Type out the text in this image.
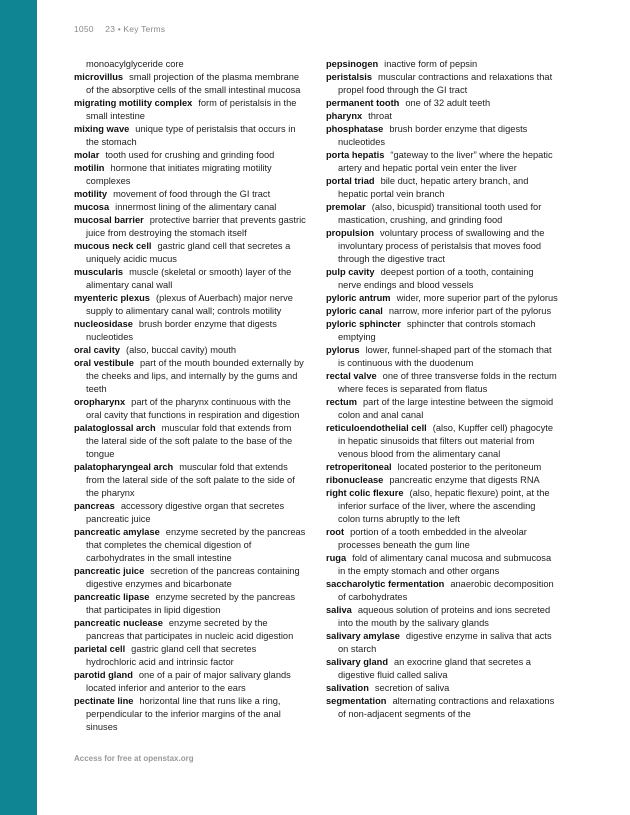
1050 23 • Key Terms

monoacylglyceride core

microvillus small projection of the plasma membrane of the absorptive cells of the small intestinal mucosa

migrating motility complex form of peristalsis in the small intestine

mixing wave unique type of peristalsis that occurs in the stomach

molar tooth used for crushing and grinding food

motilin hormone that initiates migrating motility complexes

motility movement of food through the GI tract

mucosa innermost lining of the alimentary canal

mucosal barrier protective barrier that prevents gastric juice from destroying the stomach itself

mucous neck cell gastric gland cell that secretes a uniquely acidic mucus

muscularis muscle (skeletal or smooth) layer of the alimentary canal wall

myenteric plexus (plexus of Auerbach) major nerve supply to alimentary canal wall; controls motility

nucleosidase brush border enzyme that digests nucleotides

oral cavity (also, buccal cavity) mouth

oral vestibule part of the mouth bounded externally by the cheeks and lips, and internally by the gums and teeth

oropharynx part of the pharynx continuous with the oral cavity that functions in respiration and digestion

palatoglossal arch muscular fold that extends from the lateral side of the soft palate to the base of the tongue

palatopharyngeal arch muscular fold that extends from the lateral side of the soft palate to the side of the pharynx

pancreas accessory digestive organ that secretes pancreatic juice

pancreatic amylase enzyme secreted by the pancreas that completes the chemical digestion of carbohydrates in the small intestine

pancreatic juice secretion of the pancreas containing digestive enzymes and bicarbonate

pancreatic lipase enzyme secreted by the pancreas that participates in lipid digestion

pancreatic nuclease enzyme secreted by the pancreas that participates in nucleic acid digestion

parietal cell gastric gland cell that secretes hydrochloric acid and intrinsic factor

parotid gland one of a pair of major salivary glands located inferior and anterior to the ears

pectinate line horizontal line that runs like a ring, perpendicular to the inferior margins of the anal sinuses

pepsinogen inactive form of pepsin

peristalsis muscular contractions and relaxations that propel food through the GI tract

permanent tooth one of 32 adult teeth

pharynx throat

phosphatase brush border enzyme that digests nucleotides

porta hepatis “gateway to the liver” where the hepatic artery and hepatic portal vein enter the liver

portal triad bile duct, hepatic artery branch, and hepatic portal vein branch

premolar (also, bicuspid) transitional tooth used for mastication, crushing, and grinding food

propulsion voluntary process of swallowing and the involuntary process of peristalsis that moves food through the digestive tract

pulp cavity deepest portion of a tooth, containing nerve endings and blood vessels

pyloric antrum wider, more superior part of the pylorus

pyloric canal narrow, more inferior part of the pylorus

pyloric sphincter sphincter that controls stomach emptying

pylorus lower, funnel-shaped part of the stomach that is continuous with the duodenum

rectal valve one of three transverse folds in the rectum where feces is separated from flatus

rectum part of the large intestine between the sigmoid colon and anal canal

reticuloendothelial cell (also, Kupffer cell) phagocyte in hepatic sinusoids that filters out material from venous blood from the alimentary canal

retroperitoneal located posterior to the peritoneum

ribonuclease pancreatic enzyme that digests RNA

right colic flexure (also, hepatic flexure) point, at the inferior surface of the liver, where the ascending colon turns abruptly to the left

root portion of a tooth embedded in the alveolar processes beneath the gum line

ruga fold of alimentary canal mucosa and submucosa in the empty stomach and other organs

saccharolytic fermentation anaerobic decomposition of carbohydrates

saliva aqueous solution of proteins and ions secreted into the mouth by the salivary glands

salivary amylase digestive enzyme in saliva that acts on starch

salivary gland an exocrine gland that secretes a digestive fluid called saliva

salivation secretion of saliva

segmentation alternating contractions and relaxations of non-adjacent segments of the

Access for free at openstax.org
